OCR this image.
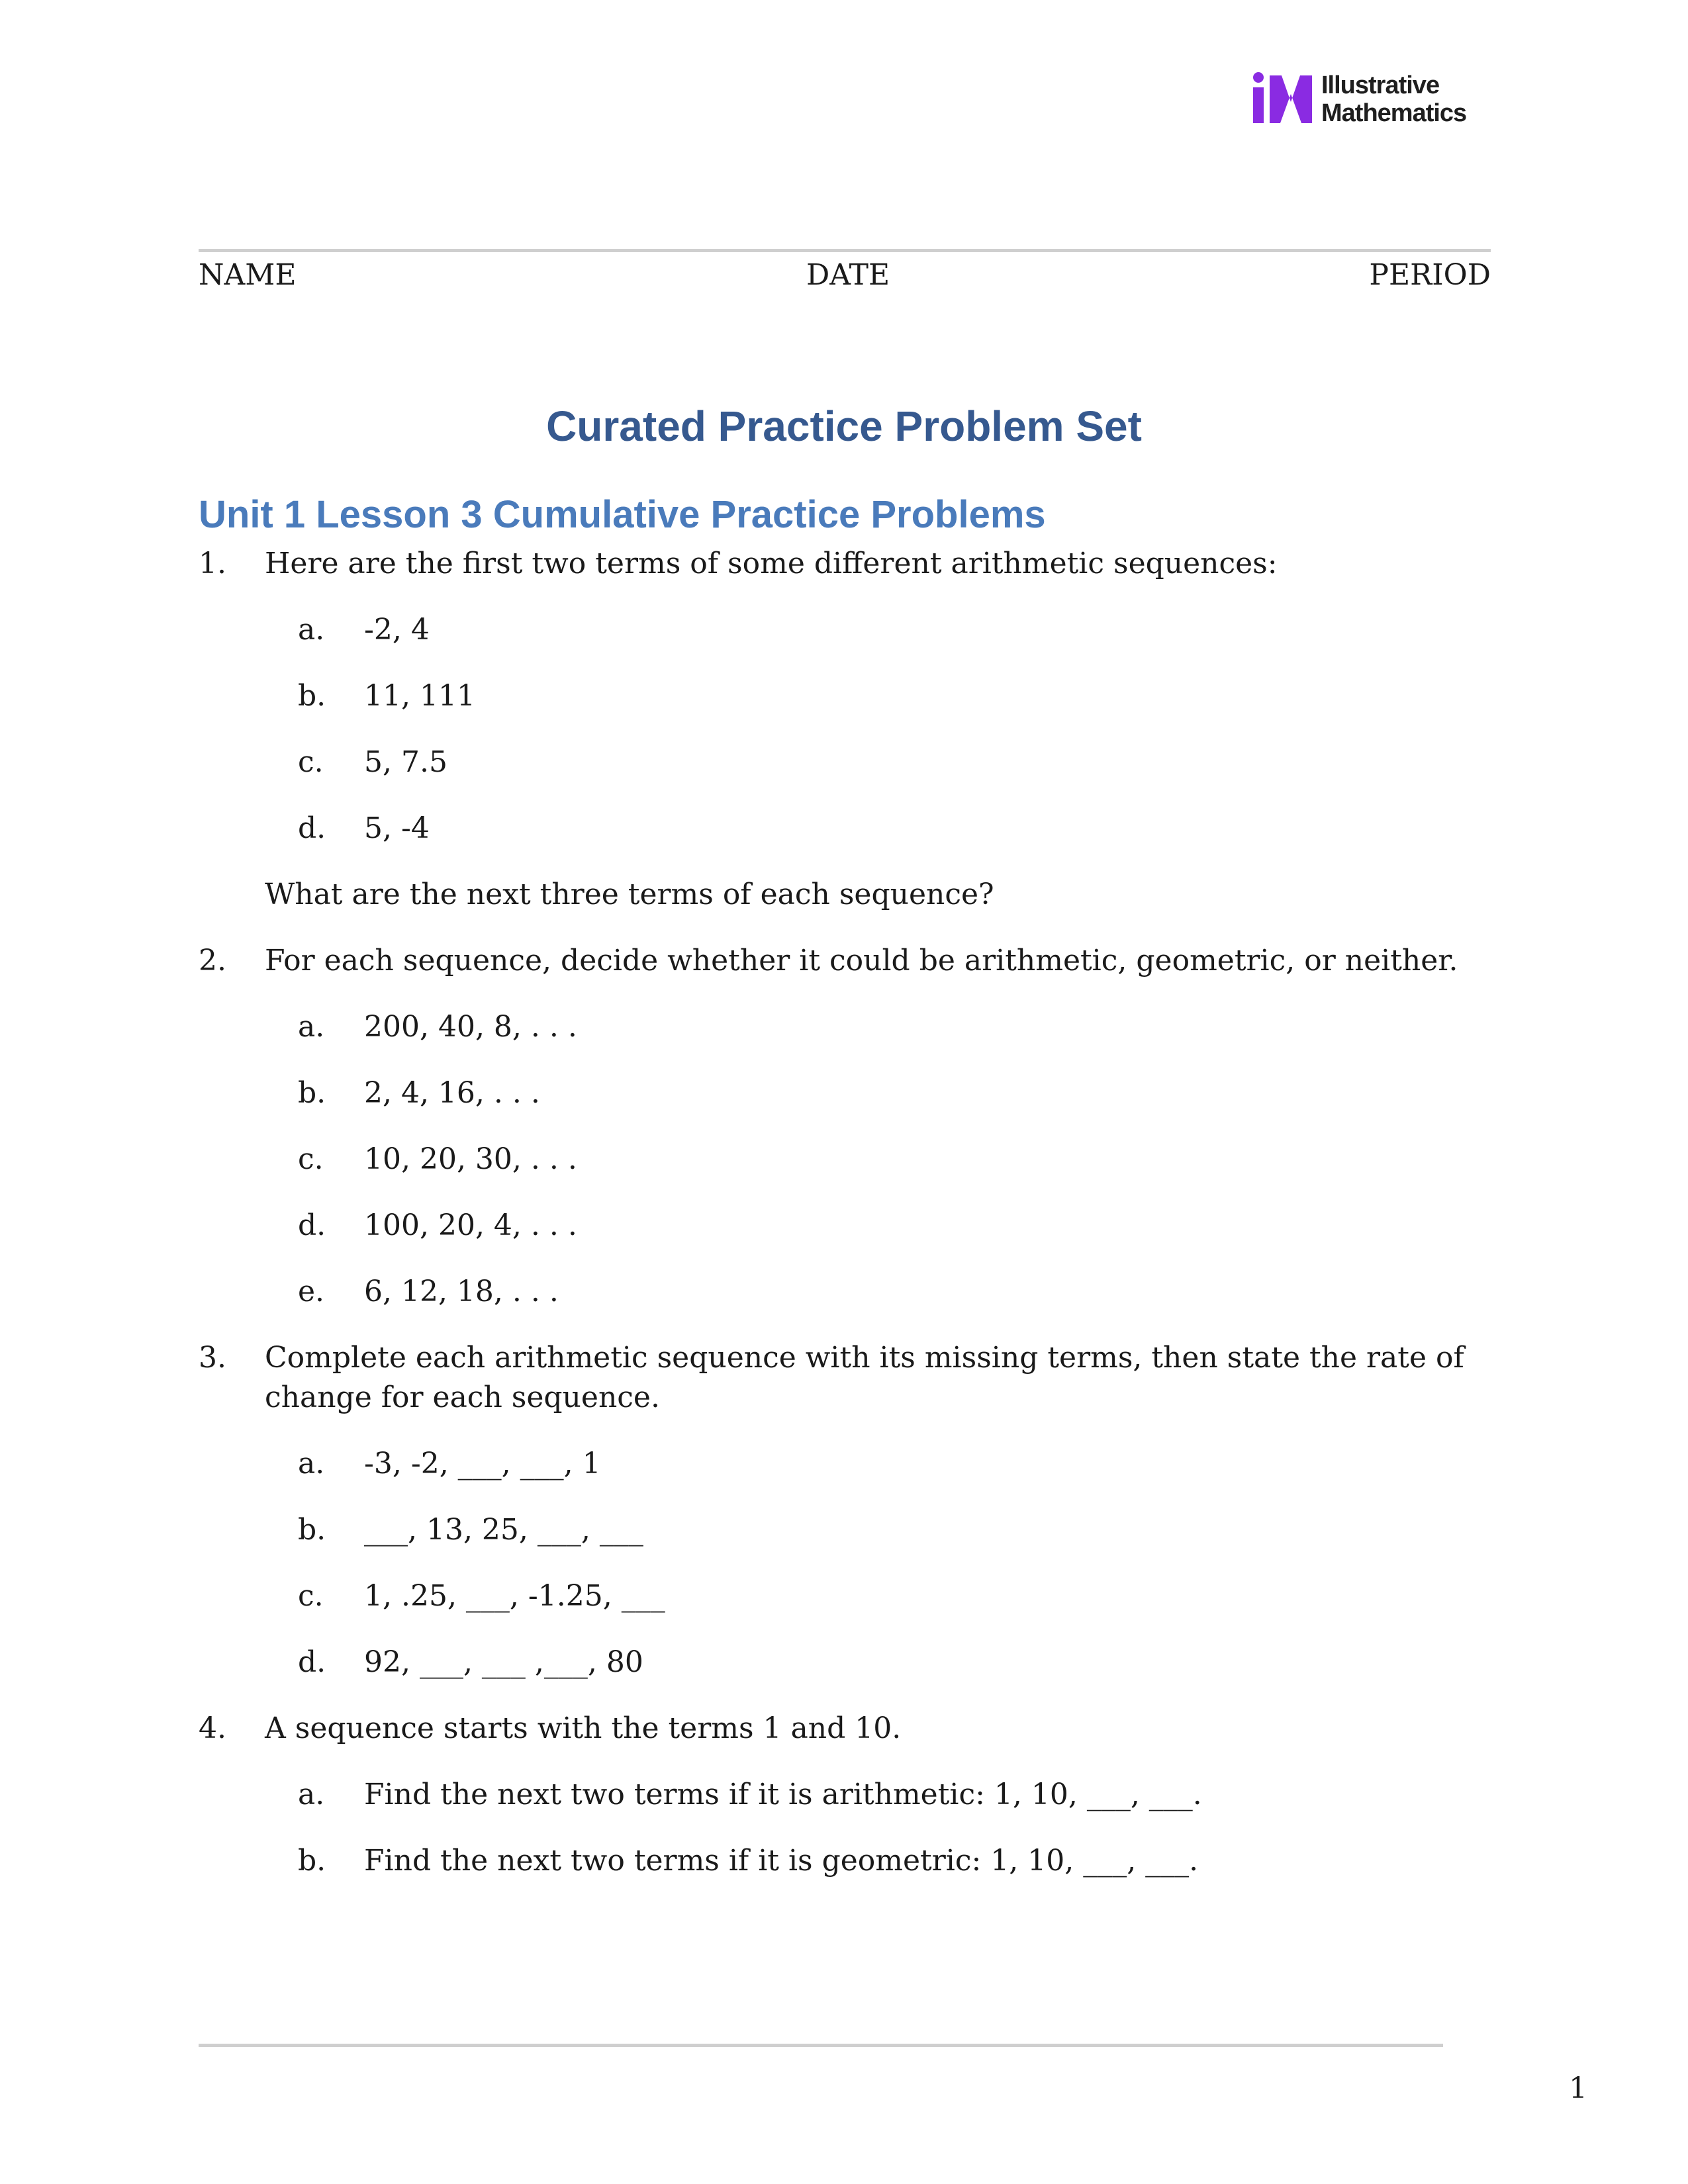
Illustrative
Mathematics
NAME	DATE	PERIOD
Curated Practice Problem Set
Unit 1 Lesson 3 Cumulative Practice Problems
1. Here are the first two terms of some different arithmetic sequences:
a. -2, 4
b. 11, 111
c. 5, 7.5
d. 5, -4
What are the next three terms of each sequence?
2. For each sequence, decide whether it could be arithmetic, geometric, or neither.
a. 200, 40, 8, . . .
b. 2, 4, 16, . . .
c. 10, 20, 30, . . .
d. 100, 20, 4, . . .
e. 6, 12, 18, . . .
3. Complete each arithmetic sequence with its missing terms, then state the rate of change for each sequence.
a. -3, -2, ___, ___, 1
b. ___, 13, 25, ___, ___
c. 1, .25, ___, -1.25, ___
d. 92, ___, ___ ,___, 80
4. A sequence starts with the terms 1 and 10.
a. Find the next two terms if it is arithmetic: 1, 10, ___, ___.
b. Find the next two terms if it is geometric: 1, 10, ___, ___.
1
